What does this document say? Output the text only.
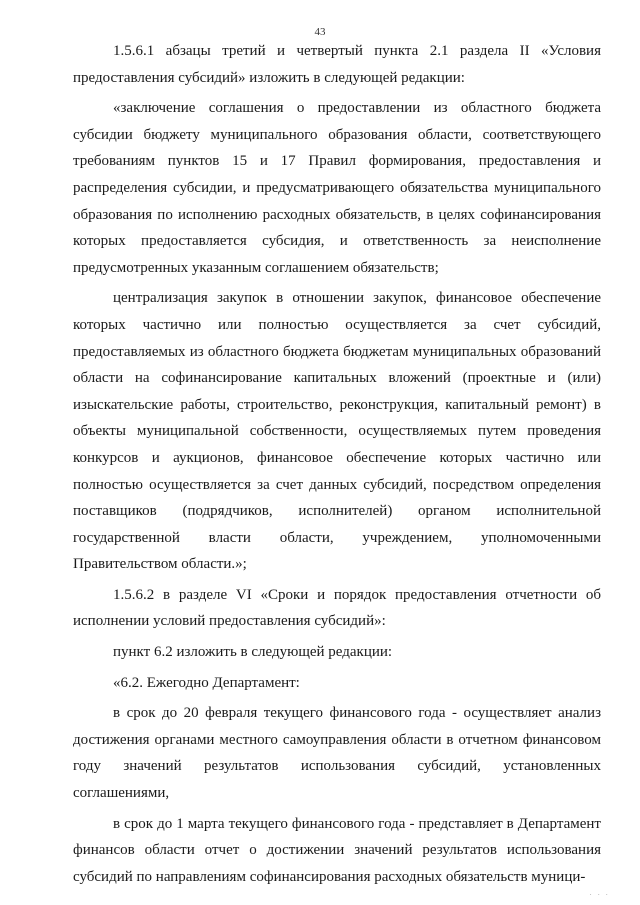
43

1.5.6.1 абзацы третий и четвертый пункта 2.1 раздела II «Условия предоставления субсидий» изложить в следующей редакции:

«заключение соглашения о предоставлении из областного бюджета субсидии бюджету муниципального образования области, соответствующего требованиям пунктов 15 и 17 Правил формирования, предоставления и распределения субсидии, и предусматривающего обязательства муниципального образования по исполнению расходных обязательств, в целях софинансирования которых предоставляется субсидия, и ответственность за неисполнение предусмотренных указанным соглашением обязательств;

централизация закупок в отношении закупок, финансовое обеспечение которых частично или полностью осуществляется за счет субсидий, предоставляемых из областного бюджета бюджетам муниципальных образований области на софинансирование капитальных вложений (проектные и (или) изыскательские работы, строительство, реконструкция, капитальный ремонт) в объекты муниципальной собственности, осуществляемых путем проведения конкурсов и аукционов, финансовое обеспечение которых частично или полностью осуществляется за счет данных субсидий, посредством определения поставщиков (подрядчиков, исполнителей) органом исполнительной государственной власти области, учреждением, уполномоченными Правительством области.»;

1.5.6.2 в разделе VI «Сроки и порядок предоставления отчетности об исполнении условий предоставления субсидий»:

пункт 6.2 изложить в следующей редакции:

«6.2. Ежегодно Департамент:

в срок до 20 февраля текущего финансового года - осуществляет анализ достижения органами местного самоуправления области в отчетном финансовом году значений результатов использования субсидий, установленных соглашениями,

в срок до 1 марта текущего финансового года - представляет в Департамент финансов области отчет о достижении значений результатов использования субсидий по направлениям софинансирования расходных обязательств муници-

· · ·
